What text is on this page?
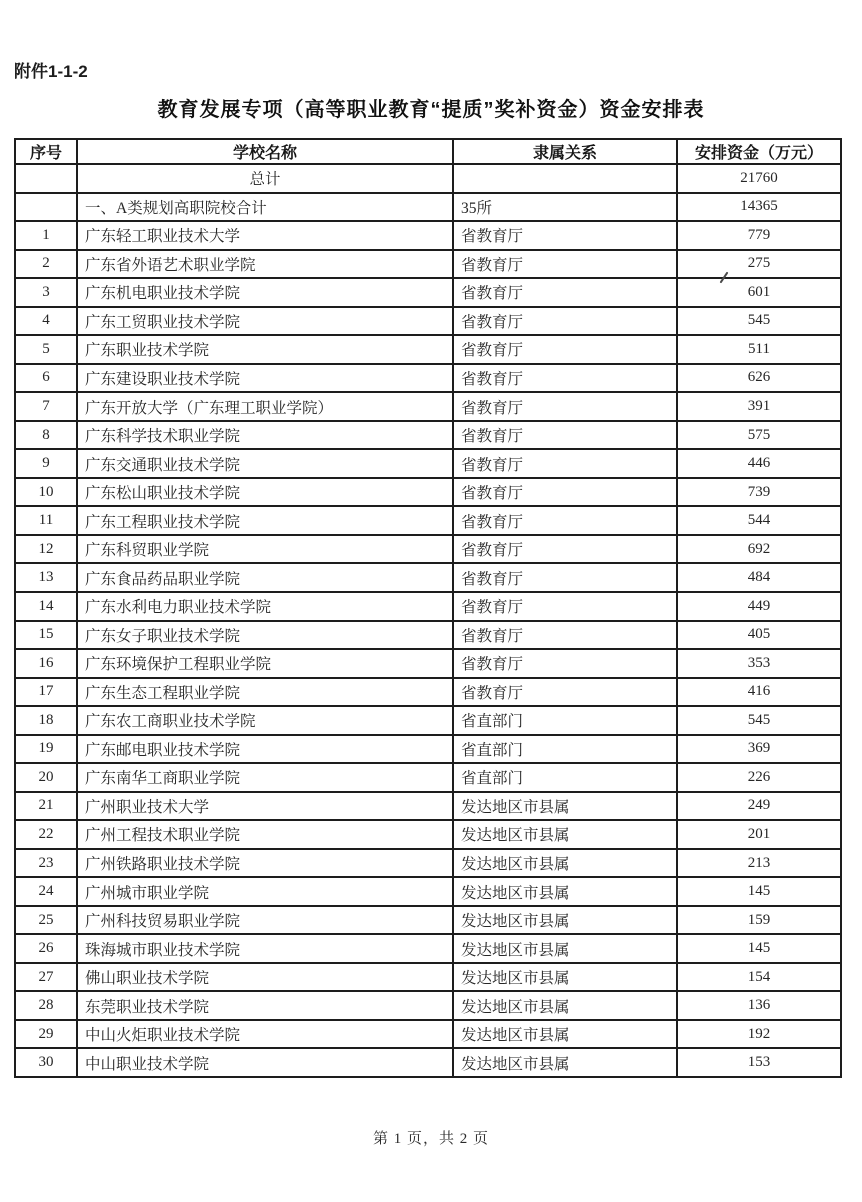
附件1-1-2
教育发展专项（高等职业教育“提质”奖补资金）资金安排表
序号	学校名称	隶属关系	安排资金（万元）
	总计		21760
	一、A类规划高职院校合计	35所	14365
1	广东轻工职业技术大学	省教育厅	779
2	广东省外语艺术职业学院	省教育厅	275
3	广东机电职业技术学院	省教育厅	601
4	广东工贸职业技术学院	省教育厅	545
5	广东职业技术学院	省教育厅	511
6	广东建设职业技术学院	省教育厅	626
7	广东开放大学（广东理工职业学院）	省教育厅	391
8	广东科学技术职业学院	省教育厅	575
9	广东交通职业技术学院	省教育厅	446
10	广东松山职业技术学院	省教育厅	739
11	广东工程职业技术学院	省教育厅	544
12	广东科贸职业学院	省教育厅	692
13	广东食品药品职业学院	省教育厅	484
14	广东水利电力职业技术学院	省教育厅	449
15	广东女子职业技术学院	省教育厅	405
16	广东环境保护工程职业学院	省教育厅	353
17	广东生态工程职业学院	省教育厅	416
18	广东农工商职业技术学院	省直部门	545
19	广东邮电职业技术学院	省直部门	369
20	广东南华工商职业学院	省直部门	226
21	广州职业技术大学	发达地区市县属	249
22	广州工程技术职业学院	发达地区市县属	201
23	广州铁路职业技术学院	发达地区市县属	213
24	广州城市职业学院	发达地区市县属	145
25	广州科技贸易职业学院	发达地区市县属	159
26	珠海城市职业技术学院	发达地区市县属	145
27	佛山职业技术学院	发达地区市县属	154
28	东莞职业技术学院	发达地区市县属	136
29	中山火炬职业技术学院	发达地区市县属	192
30	中山职业技术学院	发达地区市县属	153
第 1 页，共 2 页
